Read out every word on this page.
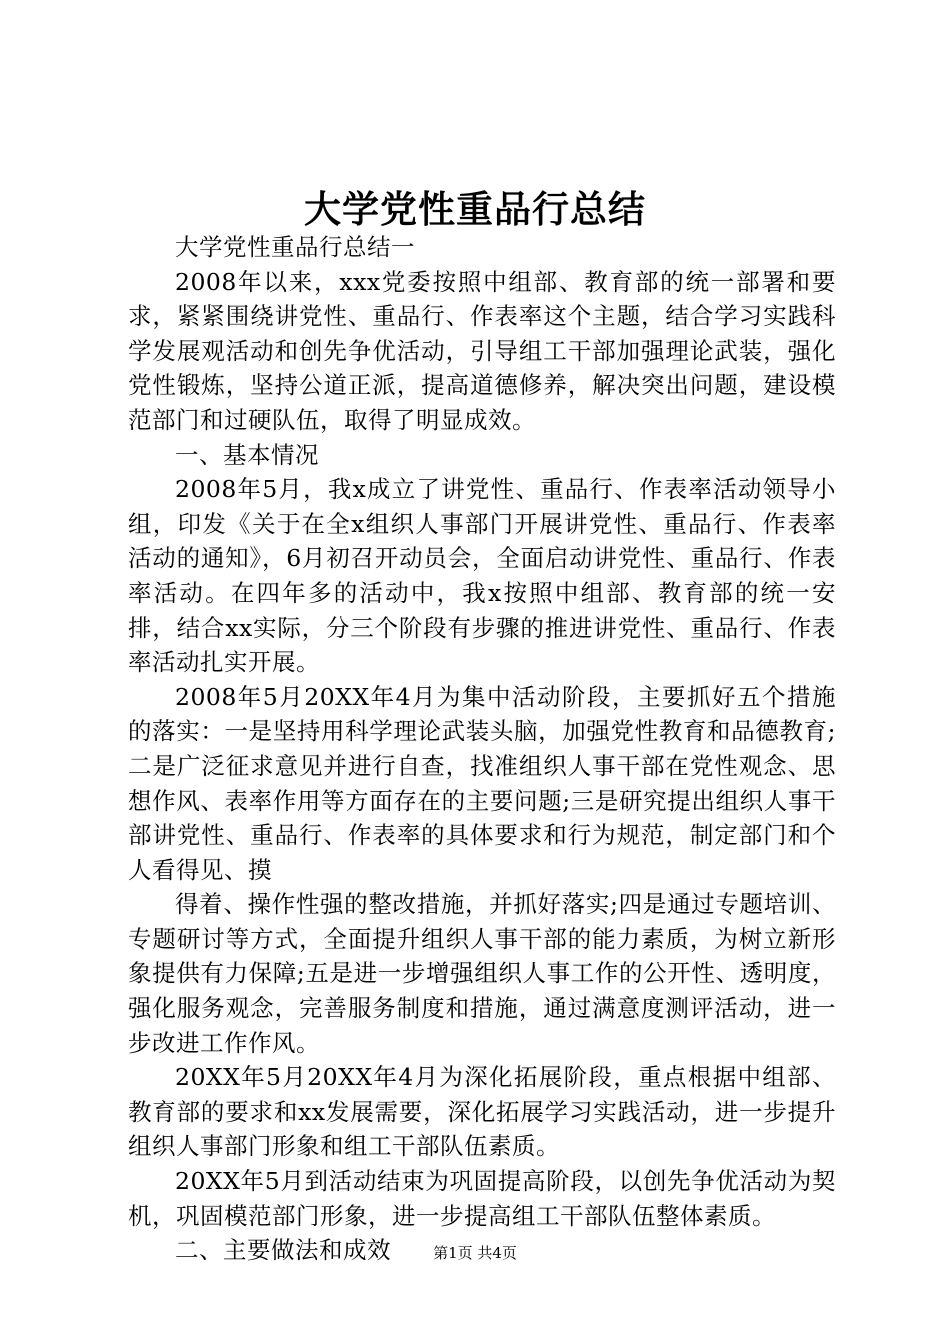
大学党性重品行总结

大学党性重品行总结一

2008年以来，xxx党委按照中组部、教育部的统一部署和要求，紧紧围绕讲党性、重品行、作表率这个主题，结合学习实践科学发展观活动和创先争优活动，引导组工干部加强理论武装，强化党性锻炼，坚持公道正派，提高道德修养，解决突出问题，建设模范部门和过硬队伍，取得了明显成效。

一、基本情况

2008年5月，我x成立了讲党性、重品行、作表率活动领导小组，印发《关于在全x组织人事部门开展讲党性、重品行、作表率活动的通知》，6月初召开动员会，全面启动讲党性、重品行、作表率活动。在四年多的活动中，我x按照中组部、教育部的统一安排，结合xx实际，分三个阶段有步骤的推进讲党性、重品行、作表率活动扎实开展。

2008年5月20XX年4月为集中活动阶段，主要抓好五个措施的落实：一是坚持用科学理论武装头脑，加强党性教育和品德教育;二是广泛征求意见并进行自查，找准组织人事干部在党性观念、思想作风、表率作用等方面存在的主要问题;三是研究提出组织人事干部讲党性、重品行、作表率的具体要求和行为规范，制定部门和个人看得见、摸

得着、操作性强的整改措施，并抓好落实;四是通过专题培训、专题研讨等方式，全面提升组织人事干部的能力素质，为树立新形象提供有力保障;五是进一步增强组织人事工作的公开性、透明度，强化服务观念，完善服务制度和措施，通过满意度测评活动，进一步改进工作作风。

20XX年5月20XX年4月为深化拓展阶段，重点根据中组部、教育部的要求和xx发展需要，深化拓展学习实践活动，进一步提升组织人事部门形象和组工干部队伍素质。

20XX年5月到活动结束为巩固提高阶段，以创先争优活动为契机，巩固模范部门形象，进一步提高组工干部队伍整体素质。

二、主要做法和成效	第1页 共4页
